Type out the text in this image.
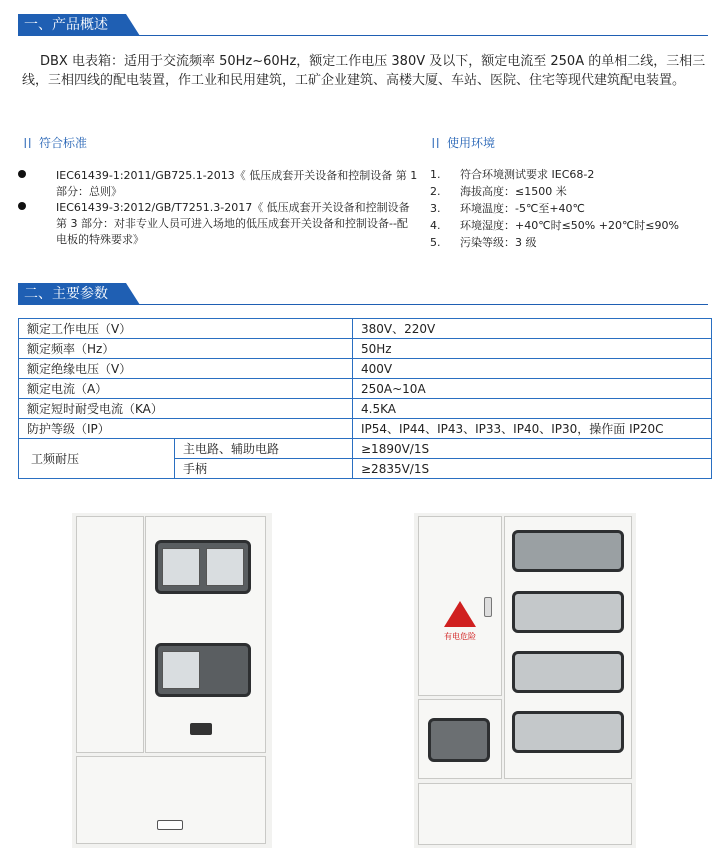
一、产品概述
DBX 电表箱：适用于交流频率 50Hz~60Hz，额定工作电压 380V 及以下，额定电流至 250A 的单相二线，三相三线，三相四线的配电装置，作工业和民用建筑，工矿企业建筑、高楼大厦、车站、医院、住宅等现代建筑配电装置。
符合标准
IEC61439-1:2011/GB725.1-2013《 低压成套开关设备和控制设备 第 1 部分：总则》
IEC61439-3:2012/GB/T7251.3-2017《 低压成套开关设备和控制设备 第 3 部分：对非专业人员可进入场地的低压成套开关设备和控制设备--配电板的特殊要求》
使用环境
1. 符合环境测试要求 IEC68-2
2. 海拔高度：≤1500 米
3. 环境温度：-5℃至+40℃
4. 环境湿度：+40℃时≤50% +20℃时≤90%
5. 污染等级：3 级
二、主要参数
额定工作电压（V）		380V、220V
额定频率（Hz）		50Hz
额定绝缘电压（V）		400V
额定电流（A）		250A~10A
额定短时耐受电流（KA）		4.5KA
防护等级（IP）		IP54、IP44、IP43、IP33、IP40、IP30，操作面 IP20C
工频耐压	主电路、辅助电路	≥1890V/1S
	手柄	≥2835V/1S
有电危险
